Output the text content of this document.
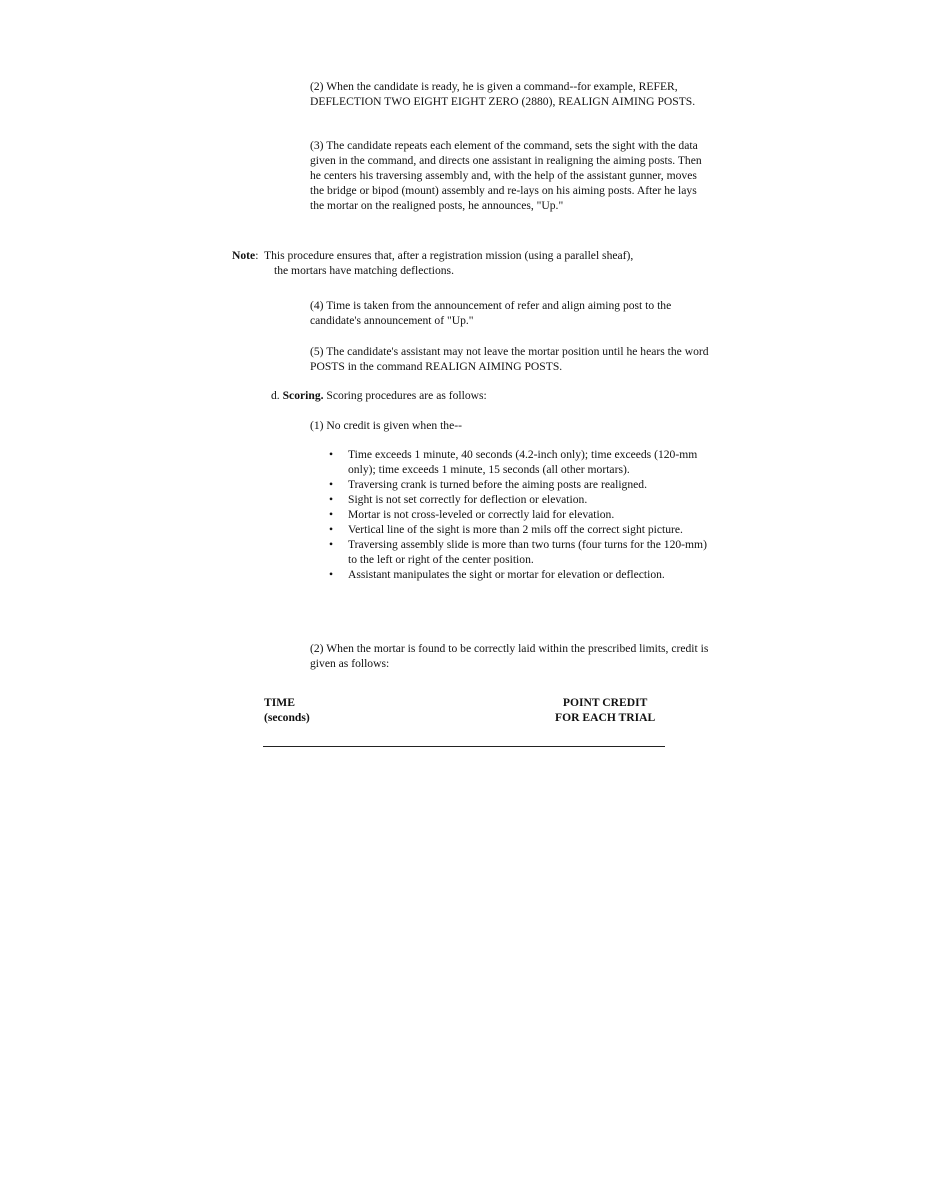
(2) When the candidate is ready, he is given a command--for example, REFER, DEFLECTION TWO EIGHT EIGHT ZERO (2880), REALIGN AIMING POSTS.

(3) The candidate repeats each element of the command, sets the sight with the data given in the command, and directs one assistant in realigning the aiming posts. Then he centers his traversing assembly and, with the help of the assistant gunner, moves the bridge or bipod (mount) assembly and re-lays on his aiming posts. After he lays the mortar on the realigned posts, he announces, "Up."

Note: This procedure ensures that, after a registration mission (using a parallel sheaf),
the mortars have matching deflections.

(4) Time is taken from the announcement of refer and align aiming post to the candidate's announcement of "Up."

(5) The candidate's assistant may not leave the mortar position until he hears the word POSTS in the command REALIGN AIMING POSTS.

d. Scoring. Scoring procedures are as follows:

(1) No credit is given when the--

• Time exceeds 1 minute, 40 seconds (4.2-inch only); time exceeds (120-mm only); time exceeds 1 minute, 15 seconds (all other mortars).
• Traversing crank is turned before the aiming posts are realigned.
• Sight is not set correctly for deflection or elevation.
• Mortar is not cross-leveled or correctly laid for elevation.
• Vertical line of the sight is more than 2 mils off the correct sight picture.
• Traversing assembly slide is more than two turns (four turns for the 120-mm) to the left or right of the center position.
• Assistant manipulates the sight or mortar for elevation or deflection.

(2) When the mortar is found to be correctly laid within the prescribed limits, credit is given as follows:

TIME
(seconds)
POINT CREDIT
FOR EACH TRIAL
